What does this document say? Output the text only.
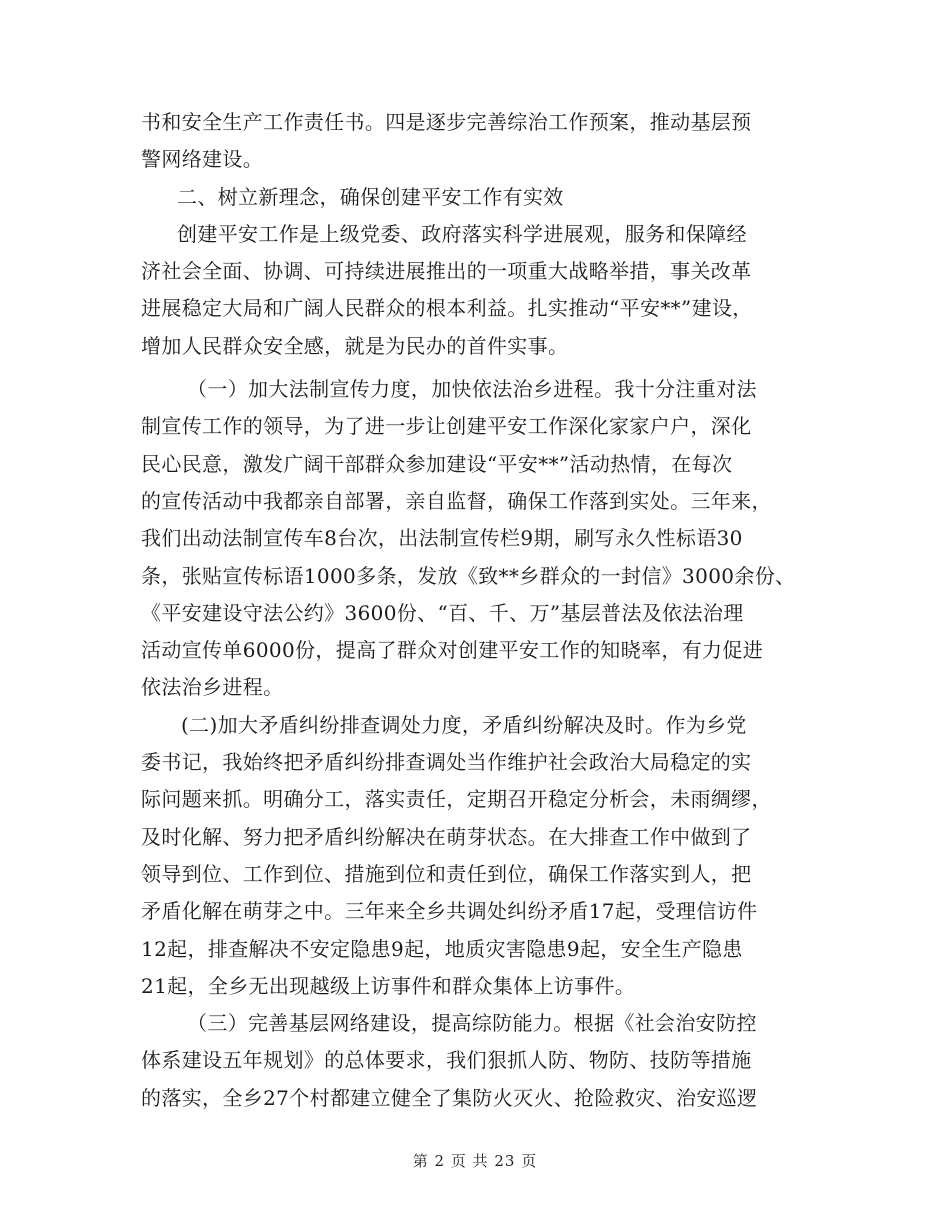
书和安全生产工作责任书。四是逐步完善综治工作预案，推动基层预
警网络建设。
二、树立新理念，确保创建平安工作有实效
创建平安工作是上级党委、政府落实科学进展观，服务和保障经
济社会全面、协调、可持续进展推出的一项重大战略举措，事关改革
进展稳定大局和广阔人民群众的根本利益。扎实推动“平安**”建设，
增加人民群众安全感，就是为民办的首件实事。
（一）加大法制宣传力度，加快依法治乡进程。我十分注重对法
制宣传工作的领导，为了进一步让创建平安工作深化家家户户，深化
民心民意，激发广阔干部群众参加建设“平安**”活动热情，在每次
的宣传活动中我都亲自部署，亲自监督，确保工作落到实处。三年来，
我们出动法制宣传车8台次，出法制宣传栏9期，刷写永久性标语30
条，张贴宣传标语1000多条，发放《致**乡群众的一封信》3000余份、
《平安建设守法公约》3600份、“百、千、万”基层普法及依法治理
活动宣传单6000份，提高了群众对创建平安工作的知晓率，有力促进
依法治乡进程。
(二)加大矛盾纠纷排查调处力度，矛盾纠纷解决及时。作为乡党
委书记，我始终把矛盾纠纷排查调处当作维护社会政治大局稳定的实
际问题来抓。明确分工，落实责任，定期召开稳定分析会，未雨绸缪，
及时化解、努力把矛盾纠纷解决在萌芽状态。在大排查工作中做到了
领导到位、工作到位、措施到位和责任到位，确保工作落实到人，把
矛盾化解在萌芽之中。三年来全乡共调处纠纷矛盾17起，受理信访件
12起，排查解决不安定隐患9起，地质灾害隐患9起，安全生产隐患
21起，全乡无出现越级上访事件和群众集体上访事件。
（三）完善基层网络建设，提高综防能力。根据《社会治安防控
体系建设五年规划》的总体要求，我们狠抓人防、物防、技防等措施
的落实，全乡27个村都建立健全了集防火灭火、抢险救灾、治安巡逻
第 2 页 共 23 页
